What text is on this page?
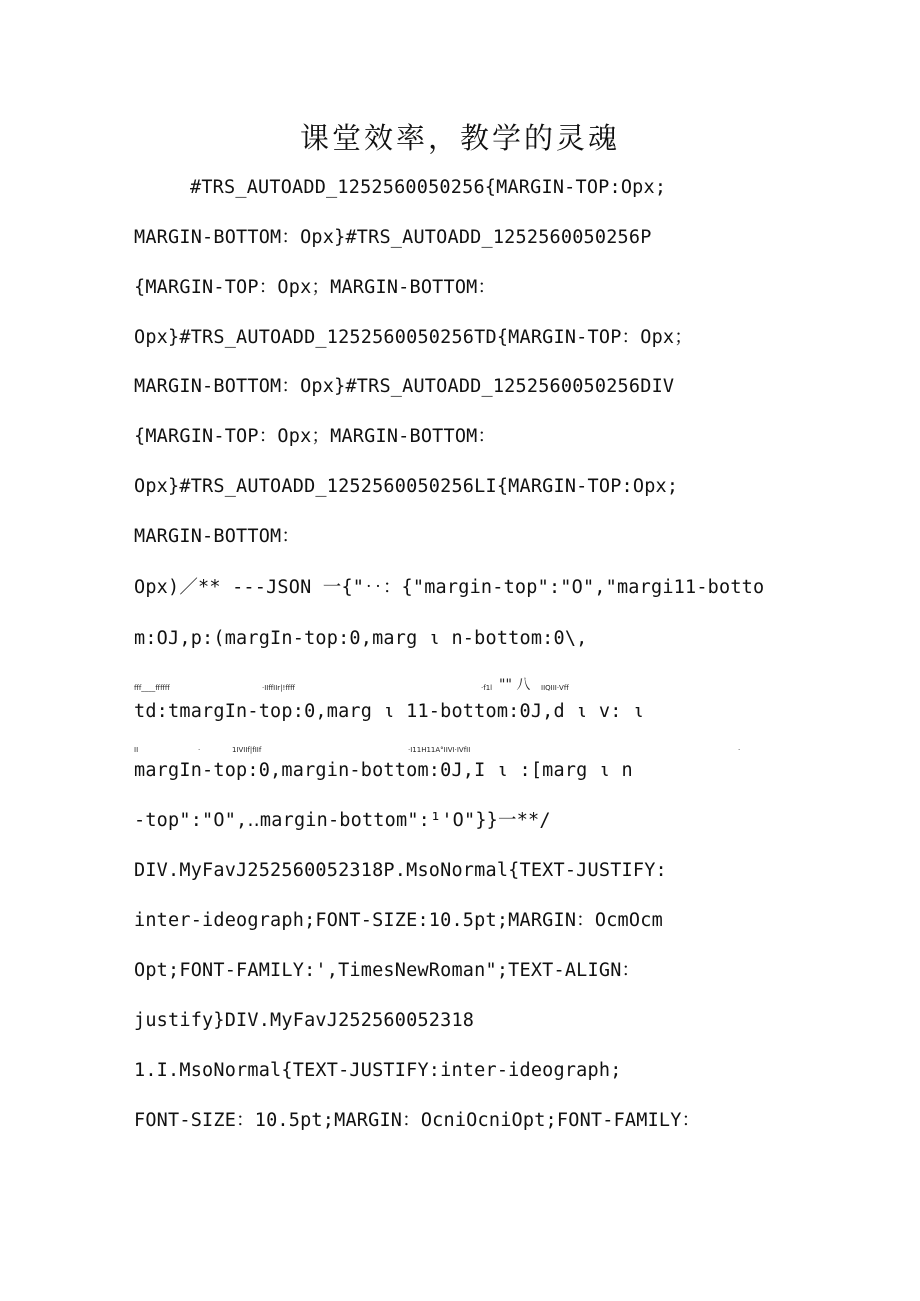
课堂效率，教学的灵魂
#TRS_AUTOADD_1252560050256{MARGIN-TOP:Opx;
MARGIN-BOTTOM：Opx}#TRS_AUTOADD_1252560050256P
{MARGIN-TOP：Opx；MARGIN-BOTTOM：
Opx}#TRS_AUTOADD_1252560050256TD{MARGIN-TOP：Opx；
MARGIN-BOTTOM：Opx}#TRS_AUTOADD_1252560050256DIV
{MARGIN-TOP：Opx；MARGIN-BOTTOM：
Opx}#TRS_AUTOADD_1252560050256LI{MARGIN-TOP:Opx;
MARGIN-BOTTOM：
Opx)／** ---JSON 一{"‥：{"margin-top":"O","margi11-botto
m:OJ,p:(margIn-top:0,marg ι n-bottom:0\,
fff____ffffff	·IIffIIr|!ffff	·f1l "" 八 IIQIII·Vff
td:tmargIn-top:0,marg ι 11-bottom:0J,d ι v: ι
II	·	1IVIIf|fIIf	·I11H11A°IIVI·IVfII	·
margIn-top:0,margin-bottom:0J,I ι :[marg ι n
-top":"O",‥margin-bottom":¹'O"}}一**/
DIV.MyFavJ252560052318P.MsoNormal{TEXT-JUSTIFY:
inter-ideograph;FONT-SIZE:10.5pt;MARGIN：OcmOcm
Opt;FONT-FAMILY:'‚TimesNewRoman";TEXT-ALIGN：
justify}DIV.MyFavJ252560052318
1.I.MsoNormal{TEXT-JUSTIFY:inter-ideograph;
FONT-SIZE：10.5pt;MARGIN：OcniOcniOpt;FONT-FAMILY：
